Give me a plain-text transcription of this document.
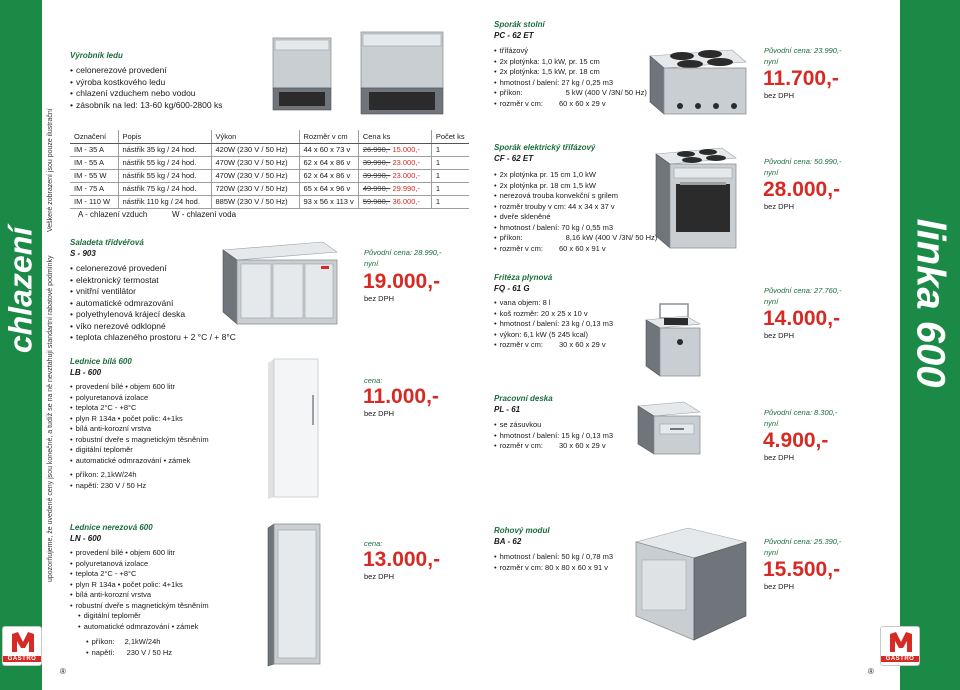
chlazení	linka 600
Veškeré zobrazení jsou pouze ilustrační
upozorňujeme, že uvedené ceny jsou konečné, a tudíž se na ně nevztahují standartní rabatové podmínky
GASTRO	GASTRO
®	®
Výrobník ledu
• celonerezové provedení
• výroba kostkového ledu
• chlazení vzduchem nebo vodou
• zásobník na led: 13-60 kg/600-2800 ks
Označení	Popis	Výkon	Rozměr v cm	Cena ks	Počet ks
IM - 35 A	nástřik 35 kg / 24 hod.	420W (230 V / 50 Hz)	44 x 60 x 73 v	26.990,- 15.000,-	1
IM - 55 A	nástřik 55 kg / 24 hod.	470W (230 V / 50 Hz)	62 x 64 x 86 v	39.990,- 23.000,-	1
IM - 55 W	nástřik 55 kg / 24 hod.	470W (230 V / 50 Hz)	62 x 64 x 86 v	39.990,- 23.000,-	1
IM - 75 A	nástřik 75 kg / 24 hod.	720W (230 V / 50 Hz)	65 x 64 x 96 v	49.990,- 29.990,-	1
IM - 110 W	nástřik 110 kg / 24 hod.	885W (230 V / 50 Hz)	93 x 56 x 113 v	59.980,- 36.000,-	1
A - chlazení vzduch	W - chlazení voda
Saladeta třídvéřová
S - 903
• celonerezové provedení
• elektronický termostat
• vnitřní ventilátor
• automatické odmrazování
• polyethylenová krájecí deska
• víko nerezové odklopné
• teplota chlazeného prostoru + 2 °C / + 8°C
Původní cena: 28.990,-
nyní
19.000,-
bez DPH
Lednice bílá 600
LB - 600
• provedení bílé • objem 600 litr
• polyuretanová izolace
• teplota 2°C - +8°C
• plyn R 134a • počet polic: 4+1ks
• bílá anti-korozní vrstva
• robustní dveře s magnetickým těsněním
• digitální teploměr
• automatické odmrazování • zámek
• příkon: 2,1kW/24h
• napětí: 230 V / 50 Hz
cena:
11.000,-
bez DPH
Lednice nerezová 600
LN - 600
• provedení bílé • objem 600 litr
• polyuretanová izolace
• teplota 2°C - +8°C
• plyn R 134a • počet polic: 4+1ks
• bílá anti-korozní vrstva
• robustní dveře s magnetickým těsněním
• digitální teploměr
• automatické odmrazování • zámek
• příkon: 2,1kW/24h
• napětí: 230 V / 50 Hz
cena:
13.000,-
bez DPH
Sporák stolní
PC - 62 ET
• třífázový
• 2x plotýnka: 1,0 kW, pr. 15 cm
• 2x plotýnka: 1,5 kW, pr. 18 cm
• hmotnost / balení: 27 kg / 0,25 m3
• příkon:	5 kW (400 V /3N/ 50 Hz)
• rozměr v cm: 60 x 60 x 29 v
Původní cena: 23.990,-
nyní
11.700,-
bez DPH
Sporák elektrický třífázový
CF - 62 ET
• 2x plotýnka pr. 15 cm 1,0 kW
• 2x plotýnka pr. 18 cm 1,5 kW
• nerezová trouba konvekční s grilem
• rozměr trouby v cm: 44 x 34 x 37 v
• dveře skleněné
• hmotnost / balení: 70 kg / 0,55 m3
• příkon:	8,16 kW (400 V /3N/ 50 Hz)
• rozměr v cm: 60 x 60 x 91 v
Původní cena: 50.990,-
nyní
28.000,-
bez DPH
Fritéza plynová
FQ - 61 G
• vana objem: 8 l
• koš rozměr: 20 x 25 x 10 v
• hmotnost / balení: 23 kg / 0,13 m3
• výkon: 6,1 kW (5 245 kcal)
• rozměr v cm: 30 x 60 x 29 v
Původní cena: 27.760,-
nyní
14.000,-
bez DPH
Pracovní deska
PL - 61
• se zásuvkou
• hmotnost / balení: 15 kg / 0,13 m3
• rozměr v cm: 30 x 60 x 29 v
Původní cena: 8.300,-
nyní
4.900,-
bez DPH
Rohový modul
BA - 62
• hmotnost / balení: 50 kg / 0,78 m3
• rozměr v cm: 80 x 80 x 60 x 91 v
Původní cena: 25.390,-
nyní
15.500,-
bez DPH
